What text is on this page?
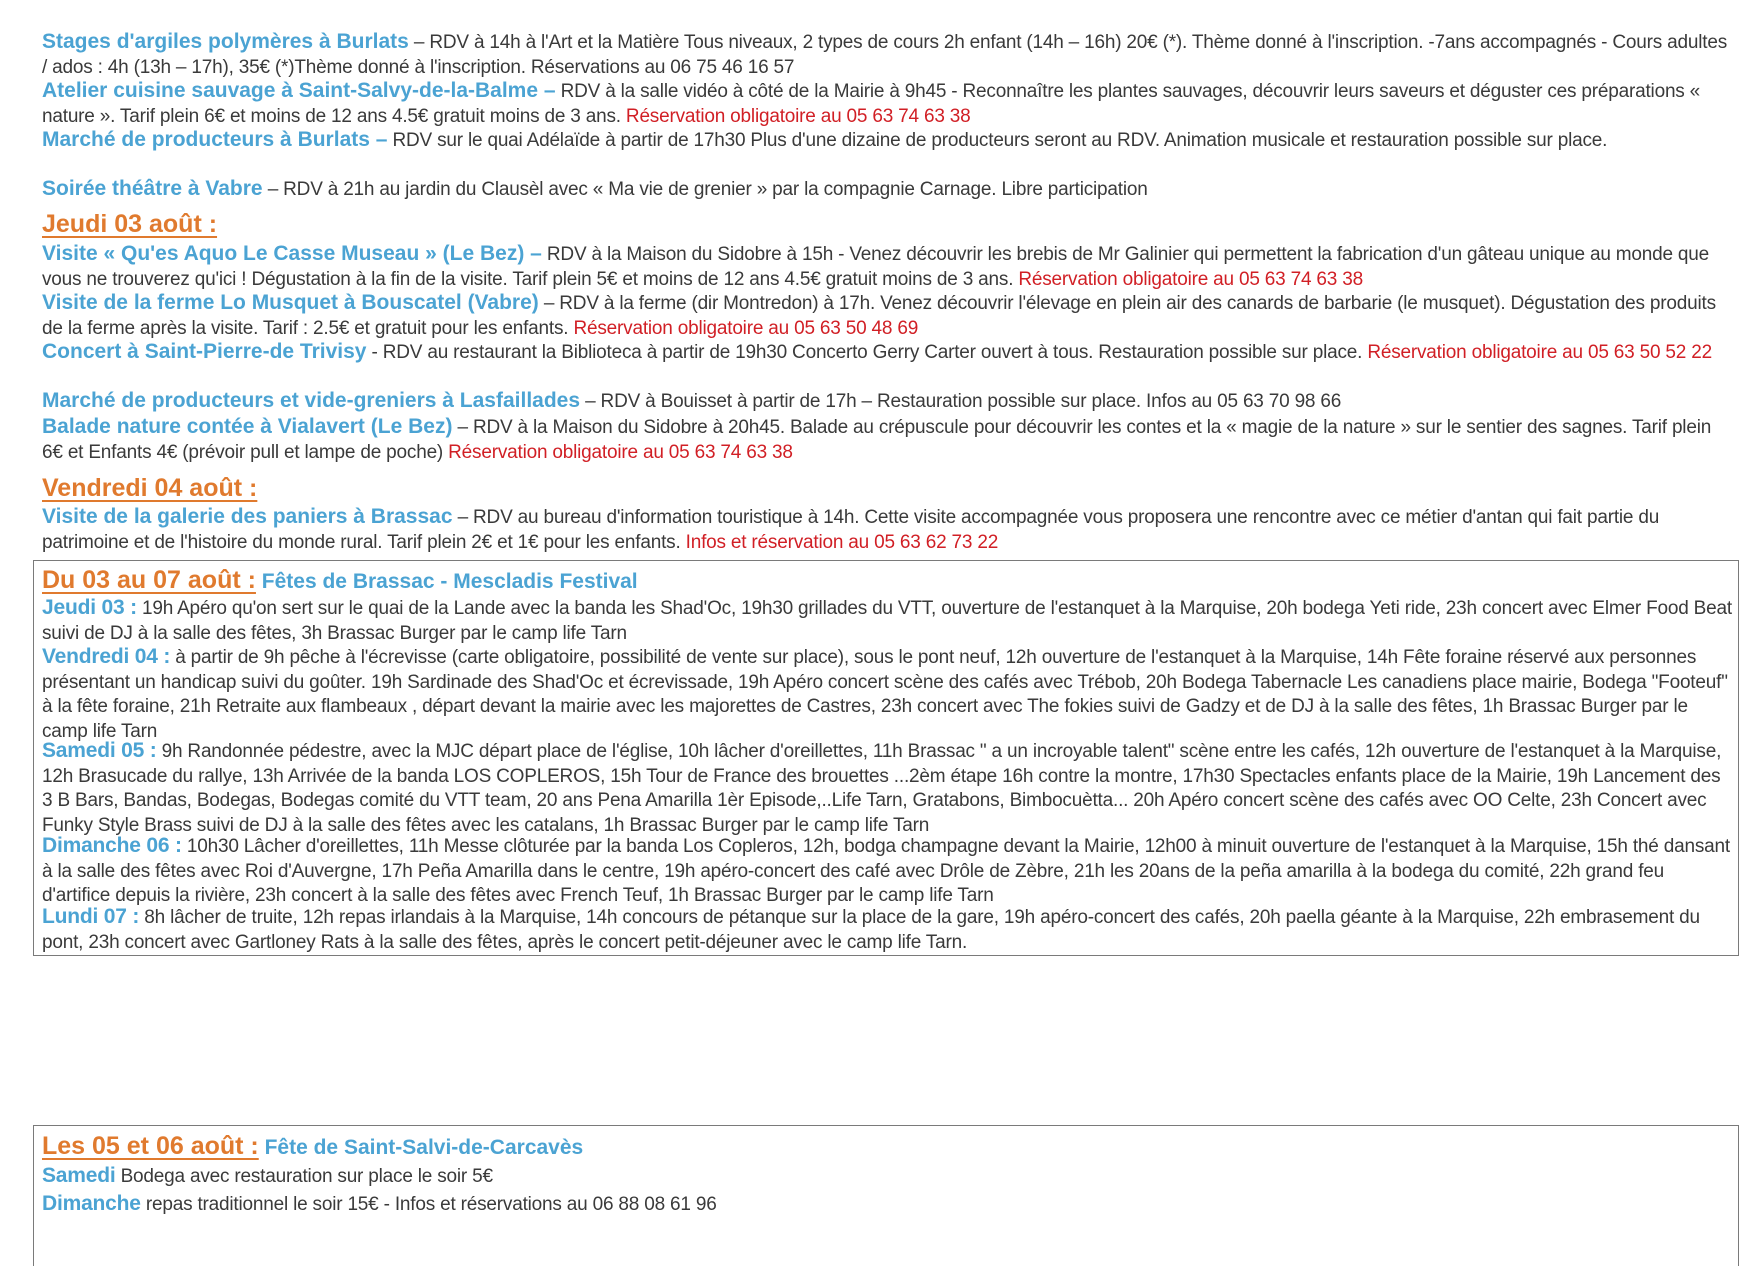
Stages d'argiles polymères à Burlats – RDV à 14h à l'Art et la Matière Tous niveaux, 2 types de cours 2h enfant (14h – 16h) 20€ (*). Thème donné à l'inscription. -7ans accompagnés - Cours adultes / ados : 4h (13h – 17h), 35€ (*)Thème donné à l'inscription. Réservations au 06 75 46 16 57
Atelier cuisine sauvage à Saint-Salvy-de-la-Balme – RDV à la salle vidéo à côté de la Mairie à 9h45 - Reconnaître les plantes sauvages, découvrir leurs saveurs et déguster ces préparations « nature ». Tarif plein 6€ et moins de 12 ans 4.5€ gratuit moins de 3 ans. Réservation obligatoire au 05 63 74 63 38
Marché de producteurs à Burlats – RDV sur le quai Adélaïde à partir de 17h30 Plus d'une dizaine de producteurs seront au RDV. Animation musicale et restauration possible sur place.
Soirée théâtre à Vabre – RDV à 21h au jardin du Clausèl avec « Ma vie de grenier » par la compagnie Carnage. Libre participation
Jeudi 03 août :
Visite « Qu'es Aquo Le Casse Museau » (Le Bez) – RDV à la Maison du Sidobre à 15h - Venez découvrir les brebis de Mr Galinier qui permettent la fabrication d'un gâteau unique au monde que vous ne trouverez qu'ici ! Dégustation à la fin de la visite. Tarif plein 5€ et moins de 12 ans 4.5€ gratuit moins de 3 ans. Réservation obligatoire au 05 63 74 63 38
Visite de la ferme Lo Musquet à Bouscatel (Vabre) – RDV à la ferme (dir Montredon) à 17h. Venez découvrir l'élevage en plein air des canards de barbarie (le musquet). Dégustation des produits de la ferme après la visite. Tarif : 2.5€ et gratuit pour les enfants. Réservation obligatoire au 05 63 50 48 69
Concert à Saint-Pierre-de Trivisy - RDV au restaurant la Biblioteca à partir de 19h30 Concerto Gerry Carter ouvert à tous. Restauration possible sur place. Réservation obligatoire au 05 63 50 52 22
Marché de producteurs et vide-greniers à Lasfaillades – RDV à Bouisset à partir de 17h – Restauration possible sur place. Infos au 05 63 70 98 66
Balade nature contée à Vialavert (Le Bez) – RDV à la Maison du Sidobre à 20h45. Balade au crépuscule pour découvrir les contes et la « magie de la nature » sur le sentier des sagnes. Tarif plein 6€ et Enfants 4€ (prévoir pull et lampe de poche) Réservation obligatoire au 05 63 74 63 38
Vendredi 04 août :
Visite de la galerie des paniers à Brassac – RDV au bureau d'information touristique à 14h. Cette visite accompagnée vous proposera une rencontre avec ce métier d'antan qui fait partie du patrimoine et de l'histoire du monde rural. Tarif plein 2€ et 1€ pour les enfants. Infos et réservation au 05 63 62 73 22
Du 03 au 07 août : Fêtes de Brassac - Mescladis Festival
Jeudi 03 : 19h Apéro qu'on sert sur le quai de la Lande avec la banda les Shad'Oc, 19h30 grillades du VTT, ouverture de l'estanquet à la Marquise, 20h bodega Yeti ride, 23h concert avec Elmer Food Beat suivi de DJ à la salle des fêtes, 3h Brassac Burger par le camp life Tarn
Vendredi 04 : à partir de 9h pêche à l'écrevisse (carte obligatoire, possibilité de vente sur place), sous le pont neuf, 12h ouverture de l'estanquet à la Marquise, 14h Fête foraine réservé aux personnes présentant un handicap suivi du goûter. 19h Sardinade des Shad'Oc et écrevissade, 19h Apéro concert scène des cafés avec Trébob, 20h Bodega Tabernacle Les canadiens place mairie, Bodega "Footeuf" à la fête foraine, 21h Retraite aux flambeaux , départ devant la mairie avec les majorettes de Castres, 23h concert avec The fokies suivi de Gadzy et de DJ à la salle des fêtes, 1h Brassac Burger par le camp life Tarn
Samedi 05 : 9h Randonnée pédestre, avec la MJC départ place de l'église, 10h lâcher d'oreillettes, 11h Brassac " a un incroyable talent" scène entre les cafés, 12h ouverture de l'estanquet à la Marquise, 12h Brasucade du rallye, 13h Arrivée de la banda LOS COPLEROS, 15h Tour de France des brouettes ...2èm étape 16h contre la montre, 17h30 Spectacles enfants place de la Mairie, 19h Lancement des 3 B Bars, Bandas, Bodegas, Bodegas comité du VTT team, 20 ans Pena Amarilla 1èr Episode,..Life Tarn, Gratabons, Bimbocuètta... 20h Apéro concert scène des cafés avec OO Celte, 23h Concert avec Funky Style Brass suivi de DJ à la salle des fêtes avec les catalans, 1h Brassac Burger par le camp life Tarn
Dimanche 06 : 10h30 Lâcher d'oreillettes, 11h Messe clôturée par la banda Los Copleros, 12h, bodga champagne devant la Mairie, 12h00 à minuit ouverture de l'estanquet à la Marquise, 15h thé dansant à la salle des fêtes avec Roi d'Auvergne, 17h Peña Amarilla dans le centre, 19h apéro-concert des café avec Drôle de Zèbre, 21h les 20ans de la peña amarilla à la bodega du comité, 22h grand feu d'artifice depuis la rivière, 23h concert à la salle des fêtes avec French Teuf, 1h Brassac Burger par le camp life Tarn
Lundi 07 : 8h lâcher de truite, 12h repas irlandais à la Marquise, 14h concours de pétanque sur la place de la gare, 19h apéro-concert des cafés, 20h paella géante à la Marquise, 22h embrasement du pont, 23h concert avec Gartloney Rats à la salle des fêtes, après le concert petit-déjeuner avec le camp life Tarn.
Les 05 et 06 août : Fête de Saint-Salvi-de-Carcavès
Samedi Bodega avec restauration sur place le soir 5€
Dimanche repas traditionnel le soir 15€ - Infos et réservations au 06 88 08 61 96
